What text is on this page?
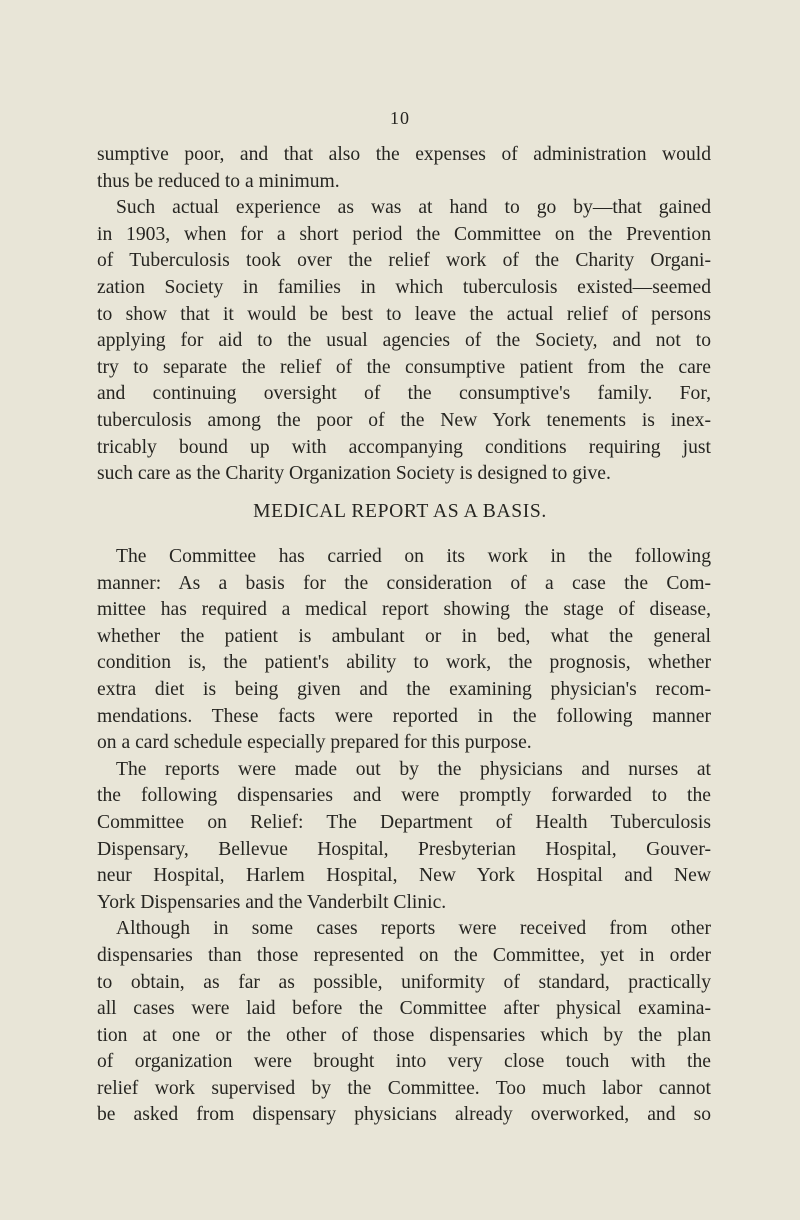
10
sumptive poor, and that also the expenses of administration would
thus be reduced to a minimum.
Such actual experience as was at hand to go by—that gained
in 1903, when for a short period the Committee on the Prevention
of Tuberculosis took over the relief work of the Charity Organi-
zation Society in families in which tuberculosis existed—seemed
to show that it would be best to leave the actual relief of persons
applying for aid to the usual agencies of the Society, and not to
try to separate the relief of the consumptive patient from the care
and continuing oversight of the consumptive's family. For,
tuberculosis among the poor of the New York tenements is inex-
tricably bound up with accompanying conditions requiring just
such care as the Charity Organization Society is designed to give.
MEDICAL REPORT AS A BASIS.
The Committee has carried on its work in the following
manner: As a basis for the consideration of a case the Com-
mittee has required a medical report showing the stage of disease,
whether the patient is ambulant or in bed, what the general
condition is, the patient's ability to work, the prognosis, whether
extra diet is being given and the examining physician's recom-
mendations. These facts were reported in the following manner
on a card schedule especially prepared for this purpose.
The reports were made out by the physicians and nurses at
the following dispensaries and were promptly forwarded to the
Committee on Relief: The Department of Health Tuberculosis
Dispensary, Bellevue Hospital, Presbyterian Hospital, Gouver-
neur Hospital, Harlem Hospital, New York Hospital and New
York Dispensaries and the Vanderbilt Clinic.
Although in some cases reports were received from other
dispensaries than those represented on the Committee, yet in order
to obtain, as far as possible, uniformity of standard, practically
all cases were laid before the Committee after physical examina-
tion at one or the other of those dispensaries which by the plan
of organization were brought into very close touch with the
relief work supervised by the Committee. Too much labor cannot
be asked from dispensary physicians already overworked, and so
